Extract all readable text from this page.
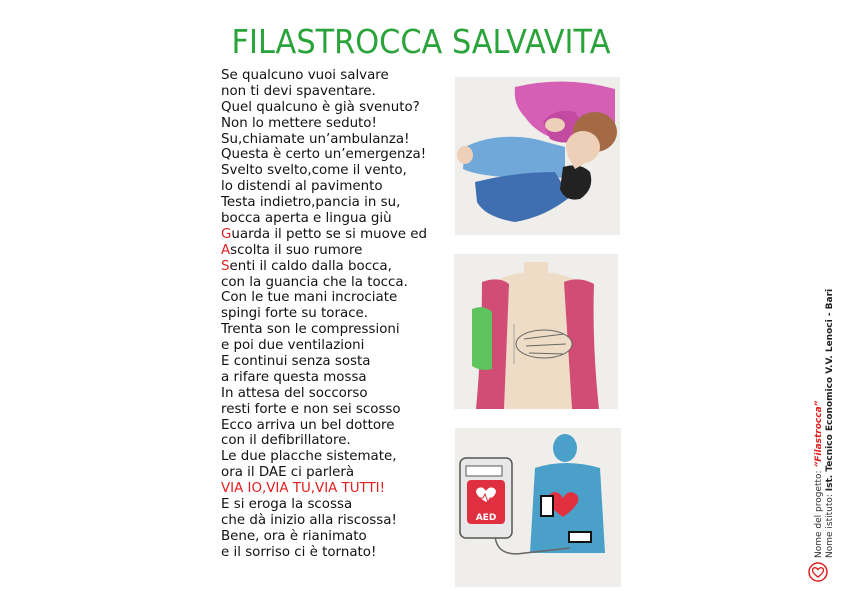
FILASTROCCA SALVAVITA
Se qualcuno vuoi salvare
non ti devi spaventare.
Quel qualcuno è già svenuto?
Non lo mettere seduto!
Su,chiamate un’ambulanza!
Questa è certo un’emergenza!
Svelto svelto,come il vento,
lo distendi al pavimento
Testa indietro,pancia in su,
bocca aperta e lingua giù
Guarda il petto se si muove ed
Ascolta il suo rumore
Senti il caldo dalla bocca,
con la guancia che la tocca.
Con le tue mani incrociate
spingi forte su torace.
Trenta son le compressioni
e poi due ventilazioni
E continui senza sosta
a rifare questa mossa
In attesa del soccorso
resti forte e non sei scosso
Ecco arriva un bel dottore
con il defibrillatore.
Le due placche sistemate,
ora il DAE ci parlerà
VIA IO,VIA TU,VIA TUTTI!
E si eroga la scossa
che dà inizio alla riscossa!
Bene, ora è rianimato
e il sorriso ci è tornato!
AED	Nome del progetto: “Filastrocca”
Nome istituto: Ist. Tecnico Economico V.V. Lenoci - Bari
